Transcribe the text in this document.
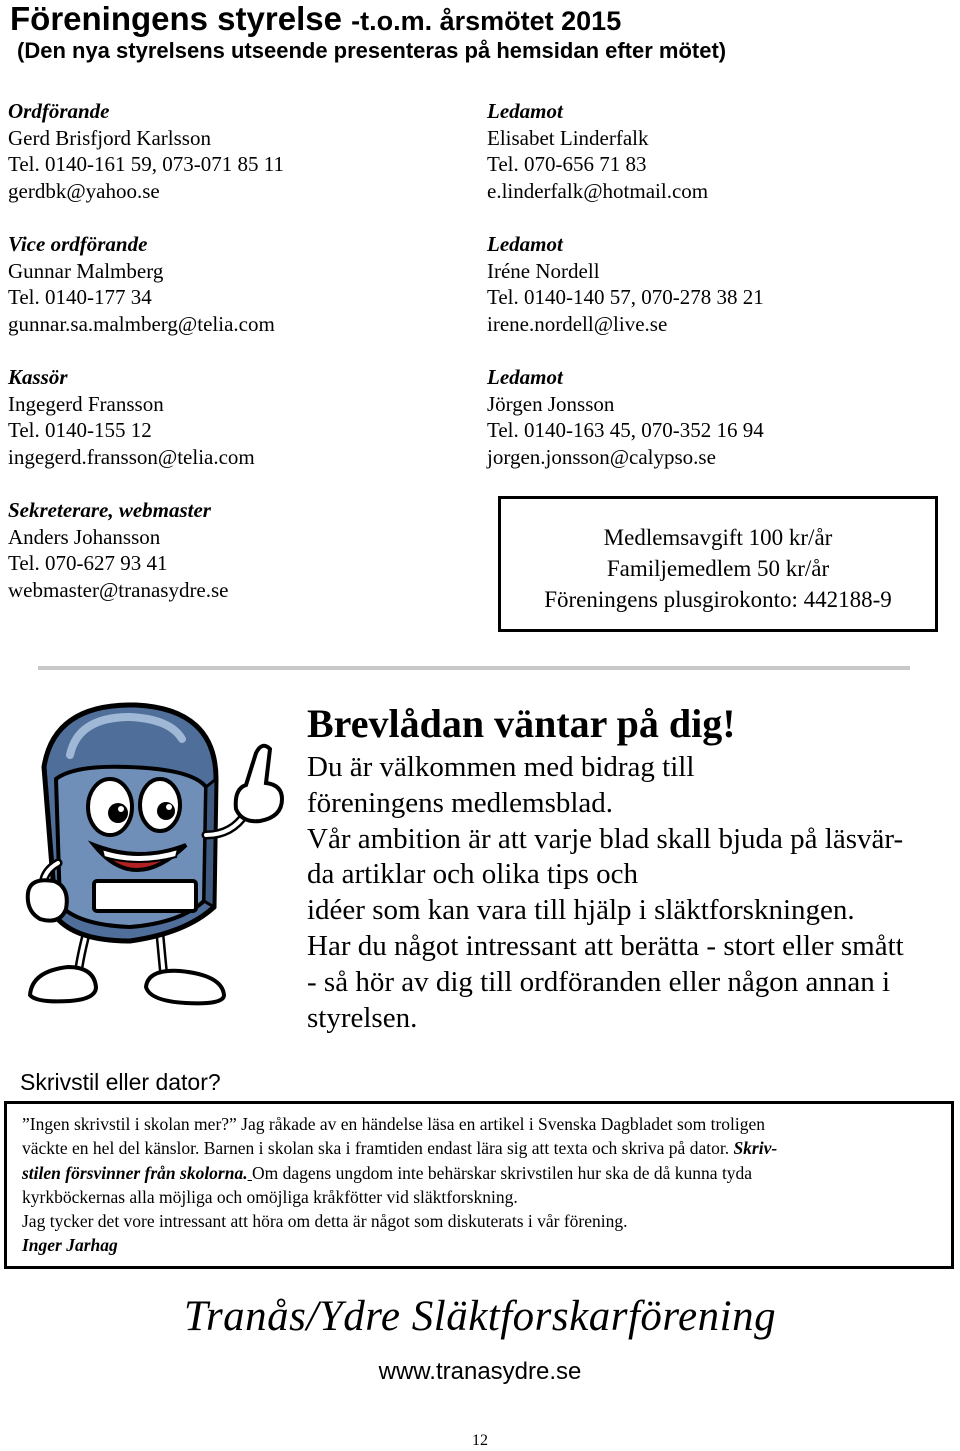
Föreningens styrelse -t.o.m. årsmötet 2015
(Den nya styrelsens utseende presenteras på hemsidan efter mötet)
Ordförande
Gerd Brisfjord Karlsson
Tel. 0140-161 59, 073-071 85 11
gerdbk@yahoo.se
Vice ordförande
Gunnar Malmberg
Tel. 0140-177 34
gunnar.sa.malmberg@telia.com
Kassör
Ingegerd Fransson
Tel. 0140-155 12
ingegerd.fransson@telia.com
Sekreterare, webmaster
Anders Johansson
Tel. 070-627 93 41
webmaster@tranasydre.se
Ledamot
Elisabet Linderfalk
Tel. 070-656 71 83
e.linderfalk@hotmail.com
Ledamot
Iréne Nordell
Tel. 0140-140 57, 070-278 38 21
irene.nordell@live.se
Ledamot
Jörgen Jonsson
Tel. 0140-163 45, 070-352 16 94
jorgen.jonsson@calypso.se
Medlemsavgift 100 kr/år
Familjemedlem 50 kr/år
Föreningens plusgirokonto: 442188-9
Brevlådan väntar på dig!
Du är välkommen med bidrag till
föreningens medlemsblad.
Vår ambition är att varje blad skall bjuda på läsvär-
da artiklar och olika tips och
idéer som kan vara till hjälp i släktforskningen.
Har du något intressant att berätta - stort eller smått
- så hör av dig till ordföranden eller någon annan i
styrelsen.
Skrivstil eller dator?
”Ingen skrivstil i skolan mer?” Jag råkade av en händelse läsa en artikel i Svenska Dagbladet som troligen
väckte en hel del känslor. Barnen i skolan ska i framtiden endast lära sig att texta och skriva på dator. Skriv-
stilen försvinner från skolorna. Om dagens ungdom inte behärskar skrivstilen hur ska de då kunna tyda
kyrkböckernas alla möjliga och omöjliga kråkfötter vid släktforskning.
Jag tycker det vore intressant att höra om detta är något som diskuterats i vår förening.
Inger Jarhag
Tranås/Ydre Släktforskarförening
www.tranasydre.se
12
